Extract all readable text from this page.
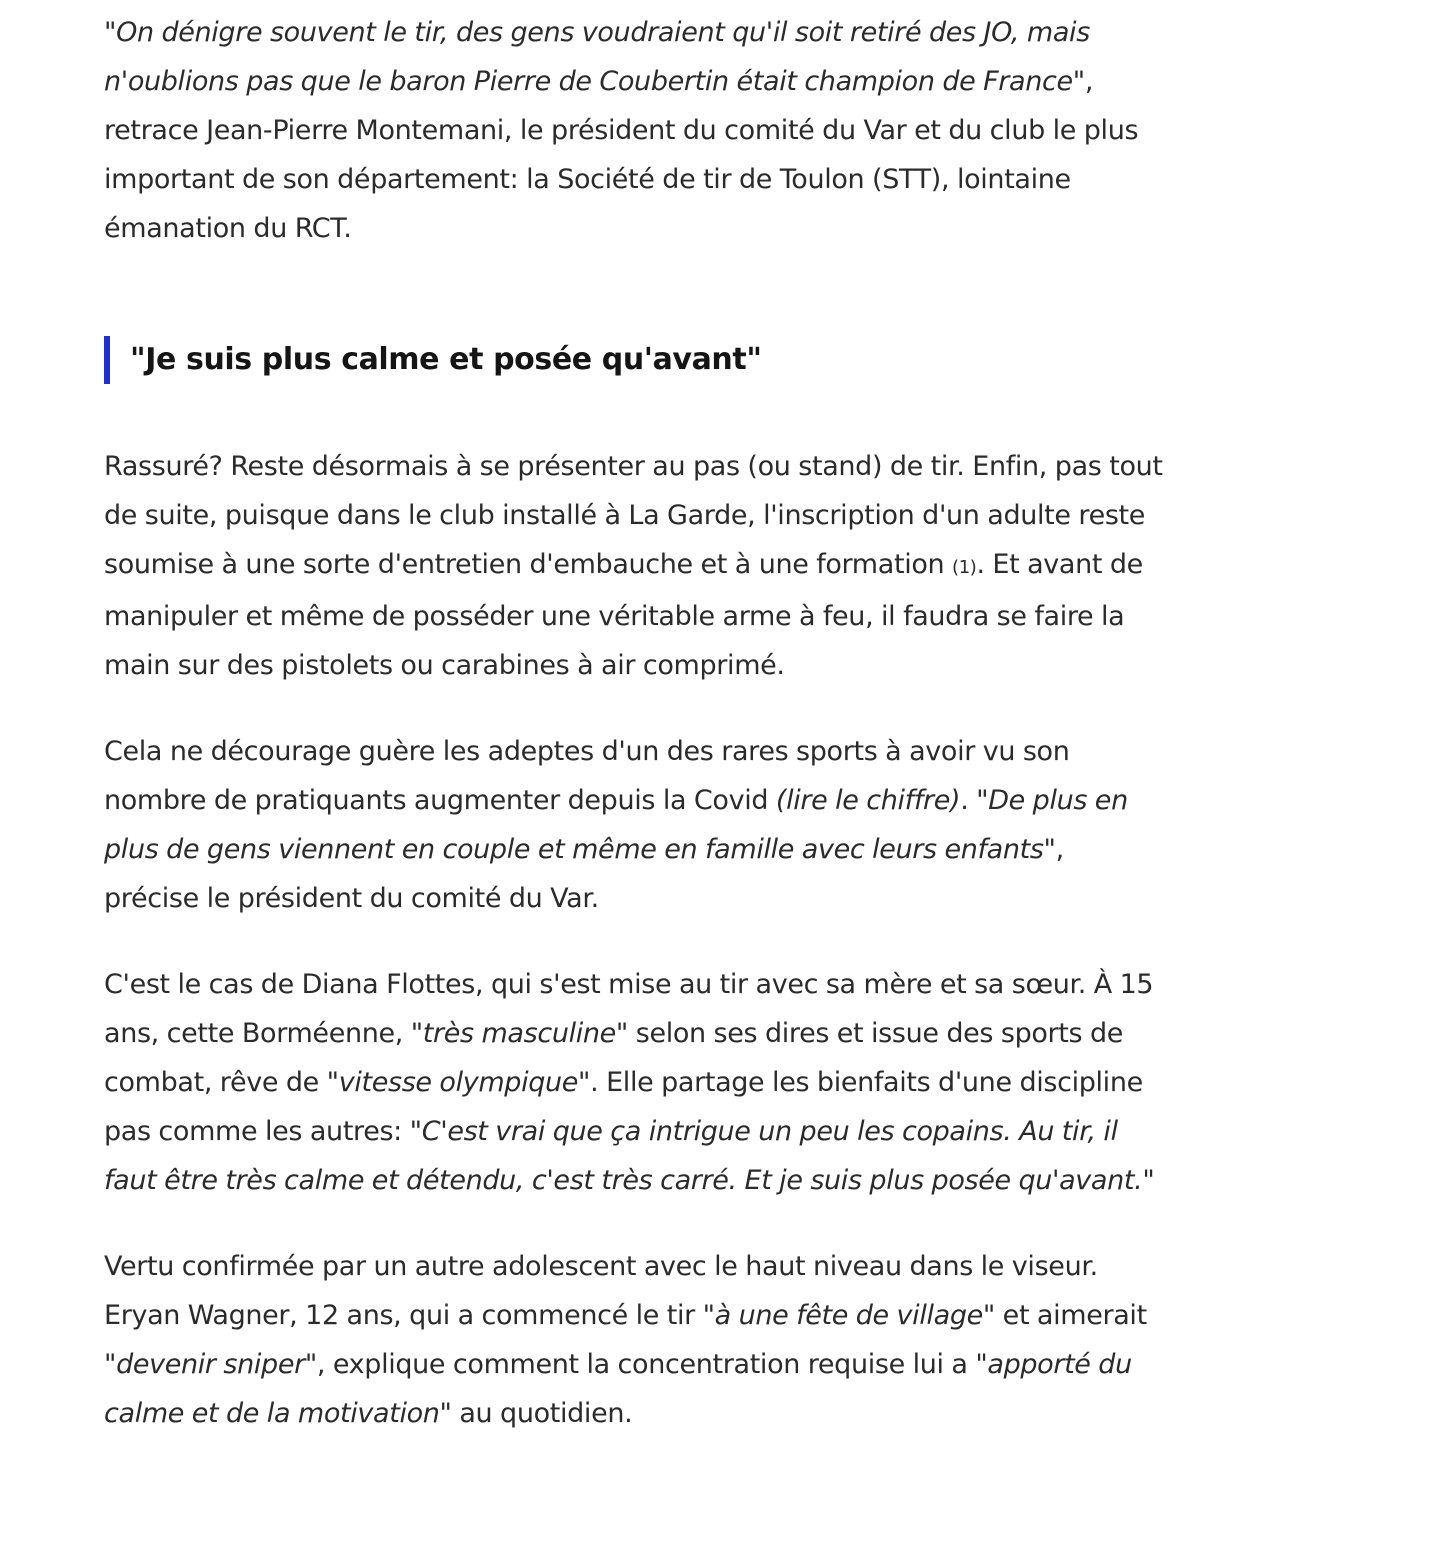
"On dénigre souvent le tir, des gens voudraient qu'il soit retiré des JO, mais n'oublions pas que le baron Pierre de Coubertin était champion de France", retrace Jean-Pierre Montemani, le président du comité du Var et du club le plus important de son département: la Société de tir de Toulon (STT), lointaine émanation du RCT.

"Je suis plus calme et posée qu'avant"

Rassuré? Reste désormais à se présenter au pas (ou stand) de tir. Enfin, pas tout de suite, puisque dans le club installé à La Garde, l'inscription d'un adulte reste soumise à une sorte d'entretien d'embauche et à une formation (1). Et avant de manipuler et même de posséder une véritable arme à feu, il faudra se faire la main sur des pistolets ou carabines à air comprimé.

Cela ne décourage guère les adeptes d'un des rares sports à avoir vu son nombre de pratiquants augmenter depuis la Covid (lire le chiffre). "De plus en plus de gens viennent en couple et même en famille avec leurs enfants", précise le président du comité du Var.

C'est le cas de Diana Flottes, qui s'est mise au tir avec sa mère et sa sœur. À 15 ans, cette Borméenne, "très masculine" selon ses dires et issue des sports de combat, rêve de "vitesse olympique". Elle partage les bienfaits d'une discipline pas comme les autres: "C'est vrai que ça intrigue un peu les copains. Au tir, il faut être très calme et détendu, c'est très carré. Et je suis plus posée qu'avant."

Vertu confirmée par un autre adolescent avec le haut niveau dans le viseur. Eryan Wagner, 12 ans, qui a commencé le tir "à une fête de village" et aimerait "devenir sniper", explique comment la concentration requise lui a "apporté du calme et de la motivation" au quotidien.
